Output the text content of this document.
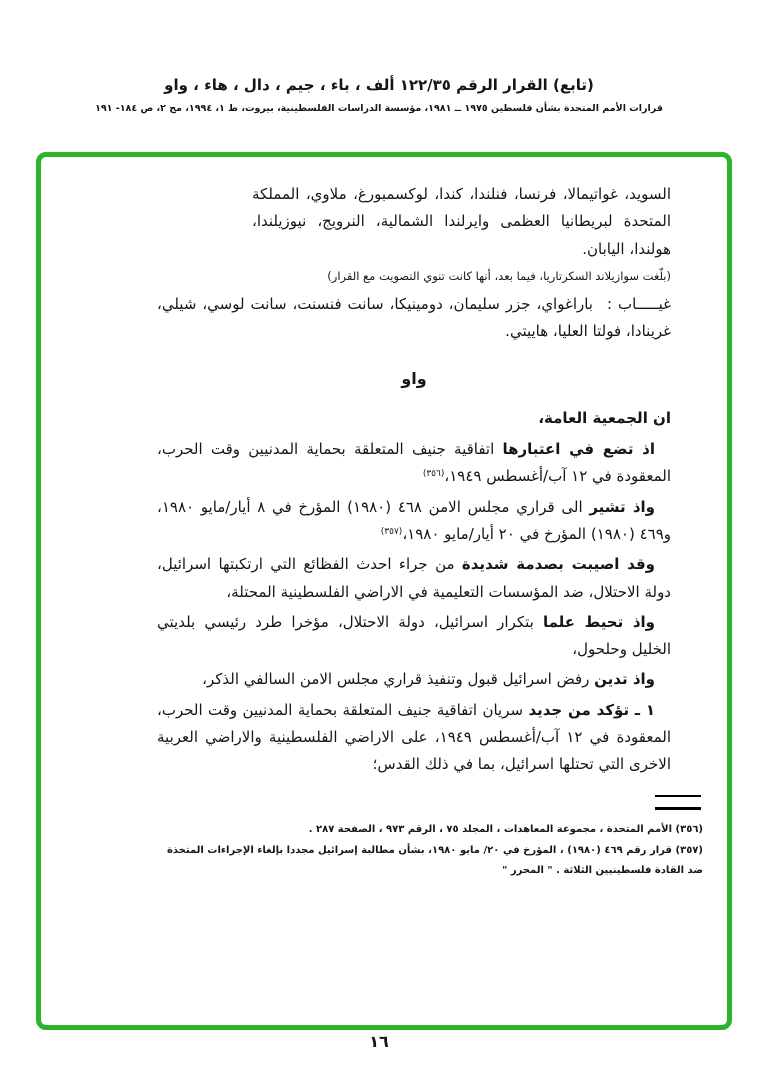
(تابع) القرار الرقم ١٢٢/٣٥ ألف ، باء ، جيم ، دال ، هاء ، واو
قرارات الأمم المتحدة بشأن فلسطين ١٩٧٥ ــ ١٩٨١، مؤسسة الدراسات الفلسطينية، بيروت، ط ١، ١٩٩٤، مج ٢، ص ١٨٤- ١٩١

السويد، غواتيمالا، فرنسا، فنلندا، كندا، لوكسمبورغ، ملاوي، المملكة المتحدة لبريطانيا العظمى وايرلندا الشمالية، النرويج، نيوزيلندا، هولندا، اليابان.

(بلّغت سوازيلاند السكرتاريا، فيما بعد، أنها كانت تنوي التصويت مع القرار)

غيـــــاب :باراغواي، جزر سليمان، دومينيكا، سانت فنسنت، سانت لوسي، شيلي، غرينادا، فولتا العليا، هاييتي.

واو

ان الجمعية العامة،

اذ تضع في اعتبارها اتفاقية جنيف المتعلقة بحماية المدنيين وقت الحرب، المعقودة في ١٢ آب/أغسطس ١٩٤٩،$^{(٣٥٦)}$

واذ تشير الى قراري مجلس الامن ٤٦٨ (١٩٨٠) المؤرخ في ٨ أيار/مايو ١٩٨٠، و٤٦٩ (١٩٨٠) المؤرخ في ٢٠ أيار/مايو ١٩٨٠،$^{(٣٥٧)}$

وقد اصيبت بصدمة شديدة من جراء احدث الفظائع التي ارتكبتها اسرائيل، دولة الاحتلال، ضد المؤسسات التعليمية في الاراضي الفلسطينية المحتلة،

واذ تحيط علما بتكرار اسرائيل، دولة الاحتلال، مؤخرا طرد رئيسي بلديتي الخليل وحلحول،

واذ تدين رفض اسرائيل قبول وتنفيذ قراري مجلس الامن السالفي الذكر،

١ ـ تؤكد من جديد سريان اتفاقية جنيف المتعلقة بحماية المدنيين وقت الحرب، المعقودة في ١٢ آب/أغسطس ١٩٤٩، على الاراضي الفلسطينية والاراضي العربية الاخرى التي تحتلها اسرائيل، بما في ذلك القدس؛

(٣٥٦) الأمم المتحدة ، مجموعة المعاهدات ، المجلد ٧٥ ، الرقم ٩٧٣ ، الصفحة ٢٨٧ .

(٣٥٧) قرار رقم ٤٦٩ (١٩٨٠) ، المؤرخ في ٢٠/ مايو ١٩٨٠، بشأن مطالبة إسرائيل مجددا بإلغاء الإجراءات المتخذة ضد القادة فلسطينيين الثلاثة . " المحرر "

١٦
